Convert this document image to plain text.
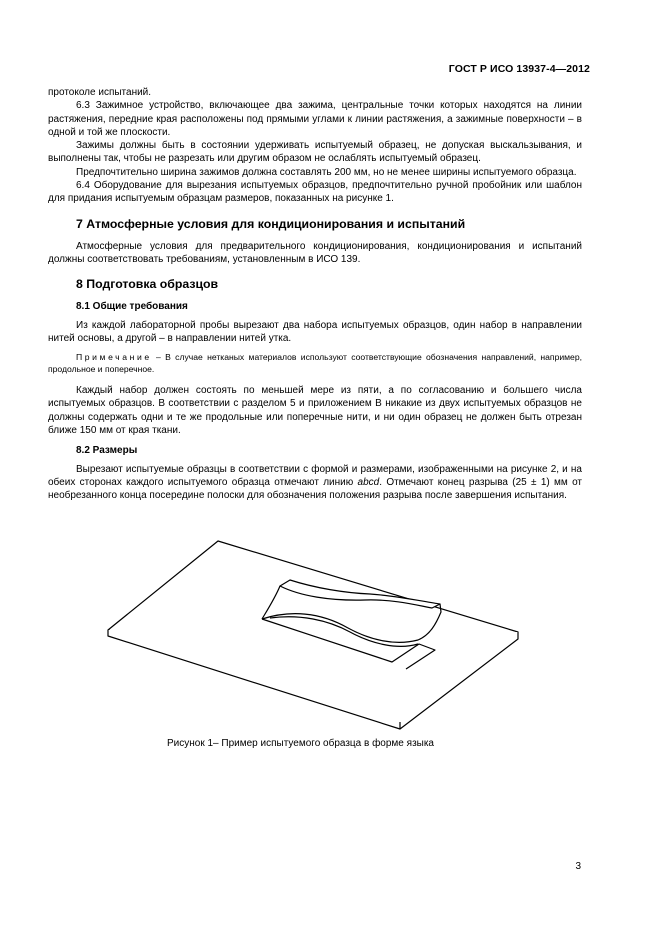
ГОСТ Р ИСО 13937-4—2012

протоколе испытаний.

6.3 Зажимное устройство, включающее два зажима, центральные точки которых находятся на линии растяжения, передние края расположены под прямыми углами к линии растяжения, а зажимные поверхности – в одной и той же плоскости.

Зажимы должны быть в состоянии удерживать испытуемый образец, не допуская выскальзывания, и выполнены так, чтобы не разрезать или другим образом не ослаблять испытуемый образец.

Предпочтительно ширина зажимов должна составлять 200 мм, но не менее ширины испытуемого образца.

6.4 Оборудование для вырезания испытуемых образцов, предпочтительно ручной пробойник или шаблон для придания испытуемым образцам размеров, показанных на рисунке 1.

7 Атмосферные условия для кондиционирования и испытаний

Атмосферные условия для предварительного кондиционирования, кондиционирования и испытаний должны соответствовать требованиям, установленным в ИСО 139.

8 Подготовка образцов
8.1 Общие требования

Из каждой лабораторной пробы вырезают два набора испытуемых образцов, один набор в направлении нитей основы, а другой – в направлении нитей утка.

Примечание – В случае нетканых материалов используют соответствующие обозначения направлений, например, продольное и поперечное.

Каждый набор должен состоять по меньшей мере из пяти, а по согласованию и большего числа испытуемых образцов. В соответствии с разделом 5 и приложением B никакие из двух испытуемых образцов не должны содержать одни и те же продольные или поперечные нити, и ни один образец не должен быть отрезан ближе 150 мм от края ткани.

8.2 Размеры

Вырезают испытуемые образцы в соответствии с формой и размерами, изображенными на рисунке 2, и на обеих сторонах каждого испытуемого образца отмечают линию abcd. Отмечают конец разрыва (25 ± 1) мм от необрезанного конца посередине полоски для обозначения положения разрыва после завершения испытания.

Рисунок 1– Пример испытуемого образца в форме языка
3
